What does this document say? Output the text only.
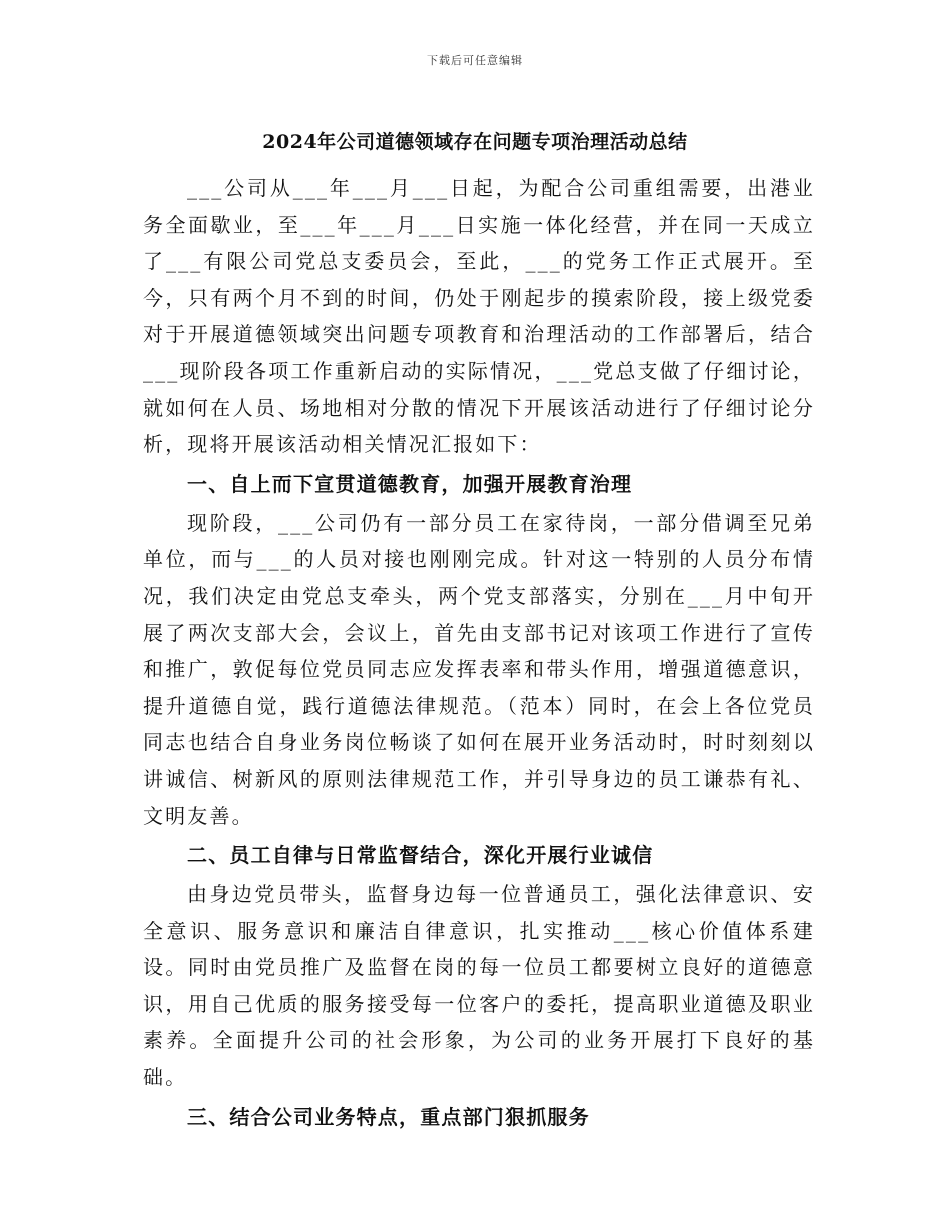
下载后可任意编辑
2024年公司道德领域存在问题专项治理活动总结

___公司从___年___月___日起，为配合公司重组需要，出港业务全面歇业，至___年___月___日实施一体化经营，并在同一天成立了___有限公司党总支委员会，至此，___的党务工作正式展开。至今，只有两个月不到的时间，仍处于刚起步的摸索阶段，接上级党委对于开展道德领域突出问题专项教育和治理活动的工作部署后，结合___现阶段各项工作重新启动的实际情况，___党总支做了仔细讨论，就如何在人员、场地相对分散的情况下开展该活动进行了仔细讨论分析，现将开展该活动相关情况汇报如下：

一、自上而下宣贯道德教育，加强开展教育治理

现阶段，___公司仍有一部分员工在家待岗，一部分借调至兄弟单位，而与___的人员对接也刚刚完成。针对这一特别的人员分布情况，我们决定由党总支牵头，两个党支部落实，分别在___月中旬开展了两次支部大会，会议上，首先由支部书记对该项工作进行了宣传和推广，敦促每位党员同志应发挥表率和带头作用，增强道德意识，提升道德自觉，践行道德法律规范。（范本）同时，在会上各位党员同志也结合自身业务岗位畅谈了如何在展开业务活动时，时时刻刻以讲诚信、树新风的原则法律规范工作，并引导身边的员工谦恭有礼、文明友善。

二、员工自律与日常监督结合，深化开展行业诚信

由身边党员带头，监督身边每一位普通员工，强化法律意识、安全意识、服务意识和廉洁自律意识，扎实推动___核心价值体系建设。同时由党员推广及监督在岗的每一位员工都要树立良好的道德意识，用自己优质的服务接受每一位客户的委托，提高职业道德及职业素养。全面提升公司的社会形象，为公司的业务开展打下良好的基础。

三、结合公司业务特点，重点部门狠抓服务
